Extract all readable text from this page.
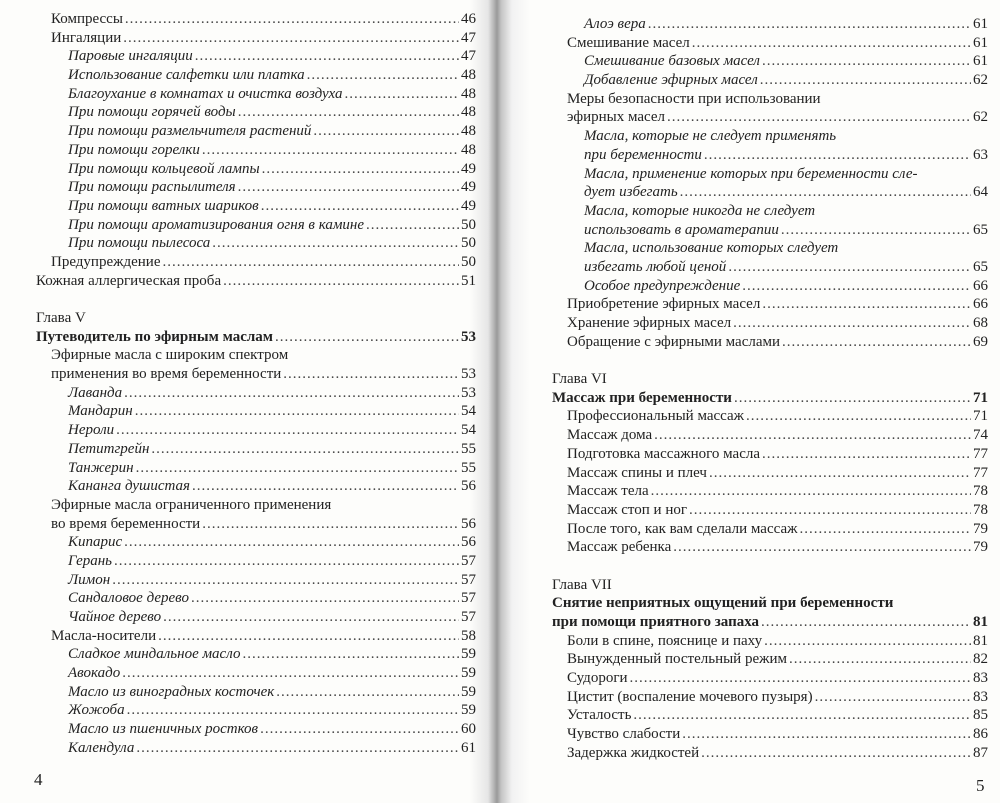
Компрессы .....	46
Ингаляции .....	47
Паровые ингаляции .....	47
Использование салфетки или платка .....	48
Благоухание в комнатах и очистка воздуха .....	48
При помощи горячей воды .....	48
При помощи размельчителя растений .....	48
При помощи горелки .....	48
При помощи кольцевой лампы .....	49
При помощи распылителя .....	49
При помощи ватных шариков .....	49
При помощи ароматизирования огня в камине .....	50
При помощи пылесоса .....	50
Предупреждение .....	50
Кожная аллергическая проба .....	51
Глава V
Путеводитель по эфирным маслам .....	53
Эфирные масла с широким спектром
применения во время беременности .....	53
Лаванда .....	53
Мандарин .....	54
Нероли .....	54
Петитгрейн .....	55
Танжерин .....	55
Кананга душистая .....	56
Эфирные масла ограниченного применения
во время беременности .....	56
Кипарис .....	56
Герань .....	57
Лимон .....	57
Сандаловое дерево .....	57
Чайное дерево .....	57
Масла-носители .....	58
Сладкое миндальное масло .....	59
Авокадо .....	59
Масло из виноградных косточек .....	59
Жожоба .....	59
Масло из пшеничных ростков .....	60
Календула .....	61
4
Алоэ вера .....	61
Смешивание масел .....	61
Смешивание базовых масел .....	61
Добавление эфирных масел .....	62
Меры безопасности при использовании
эфирных масел .....	62
Масла, которые не следует применять
при беременности .....	63
Масла, применение которых при беременности сле-
дует избегать .....	64
Масла, которые никогда не следует
использовать в ароматерапии .....	65
Масла, использование которых следует
избегать любой ценой .....	65
Особое предупреждение .....	66
Приобретение эфирных масел .....	66
Хранение эфирных масел .....	68
Обращение с эфирными маслами .....	69
Глава VI
Массаж при беременности .....	71
Профессиональный массаж .....	71
Массаж дома .....	74
Подготовка массажного масла .....	77
Массаж спины и плеч .....	77
Массаж тела .....	78
Массаж стоп и ног .....	78
После того, как вам сделали массаж .....	79
Массаж ребенка .....	79
Глава VII
Снятие неприятных ощущений при беременности
при помощи приятного запаха .....	81
Боли в спине, пояснице и паху .....	81
Вынужденный постельный режим .....	82
Судороги .....	83
Цистит (воспаление мочевого пузыря) .....	83
Усталость .....	85
Чувство слабости .....	86
Задержка жидкостей .....	87
5
